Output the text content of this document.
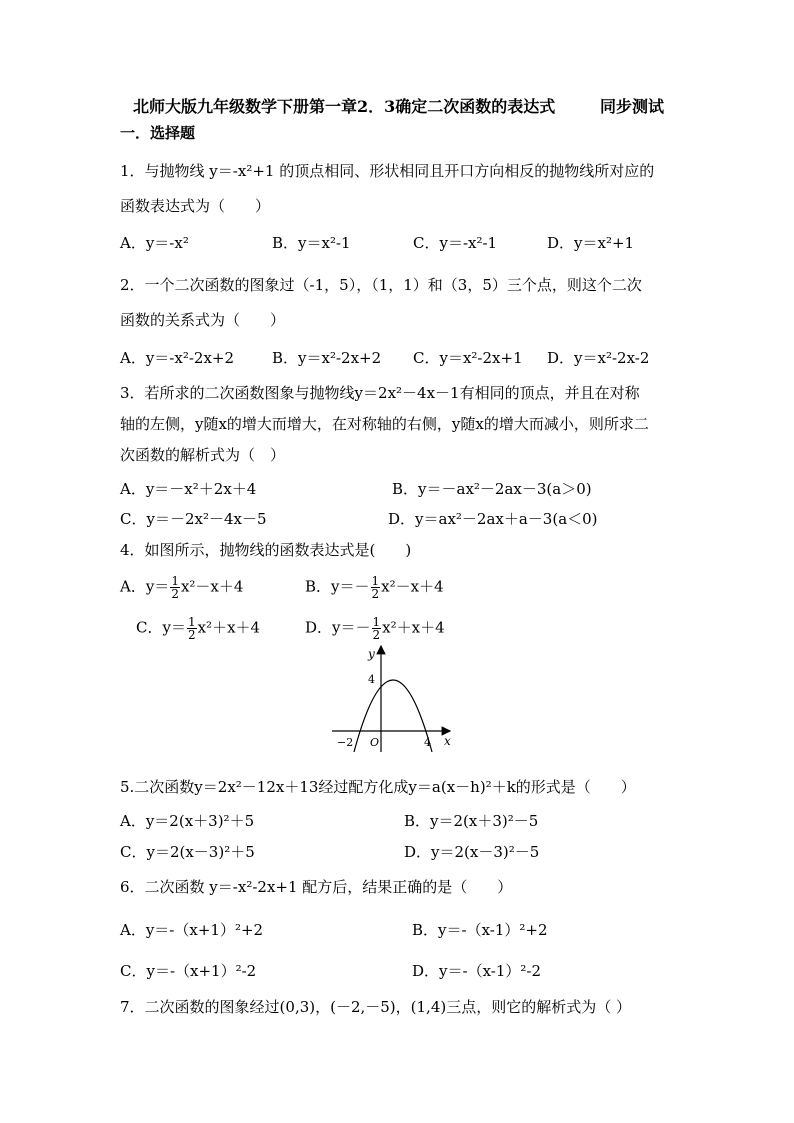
北师大版九年级数学下册第一章2．3确定二次函数的表达式	同步测试
一．选择题
1．与抛物线 y＝-x²+1 的顶点相同、形状相同且开口方向相反的抛物线所对应的
函数表达式为（　　）
A．y＝-x²	B．y＝x²-1	C．y＝-x²-1	D．y＝x²+1
2．一个二次函数的图象过（-1，5），（1，1）和（3，5）三个点，则这个二次
函数的关系式为（　　）
A．y＝-x²-2x+2	B．y＝x²-2x+2 C．y＝x²-2x+1 D．y＝x²-2x-2
3．若所求的二次函数图象与抛物线y＝2x²－4x－1有相同的顶点，并且在对称
轴的左侧，y随x的增大而增大，在对称轴的右侧，y随x的增大而减小，则所求二
次函数的解析式为（　）
A．y＝－x²＋2x＋4	B．y＝－ax²－2ax－3(a＞0)
C．y＝－2x²－4x－5	D．y＝ax²－2ax＋a－3(a＜0)
4．如图所示，抛物线的函数表达式是(　　)
A．$y= \frac{1}{2} x^2-x+4$	B．$y=- \frac{1}{2} x^2-x+4$
C．$y= \frac{1}{2} x^2+x+4$	D．$y=- \frac{1}{2} x^2+x+4$
y
x
O
−2	4
4
5.二次函数y＝2x²－12x＋13经过配方化成y＝a(x－h)²＋k的形式是（　　）
A．y＝2(x＋3)²＋5	B．y＝2(x＋3)²－5
C．y＝2(x－3)²＋5	D．y＝2(x－3)²－5
6．二次函数 y＝-x²-2x+1 配方后，结果正确的是（　　）
A．y＝-（x+1）²+2	B．y＝-（x-1）²+2
C．y＝-（x+1）²-2	D．y＝-（x-1）²-2
7．二次函数的图象经过(0,3)，(－2,－5)，(1,4)三点，则它的解析式为（ ）
